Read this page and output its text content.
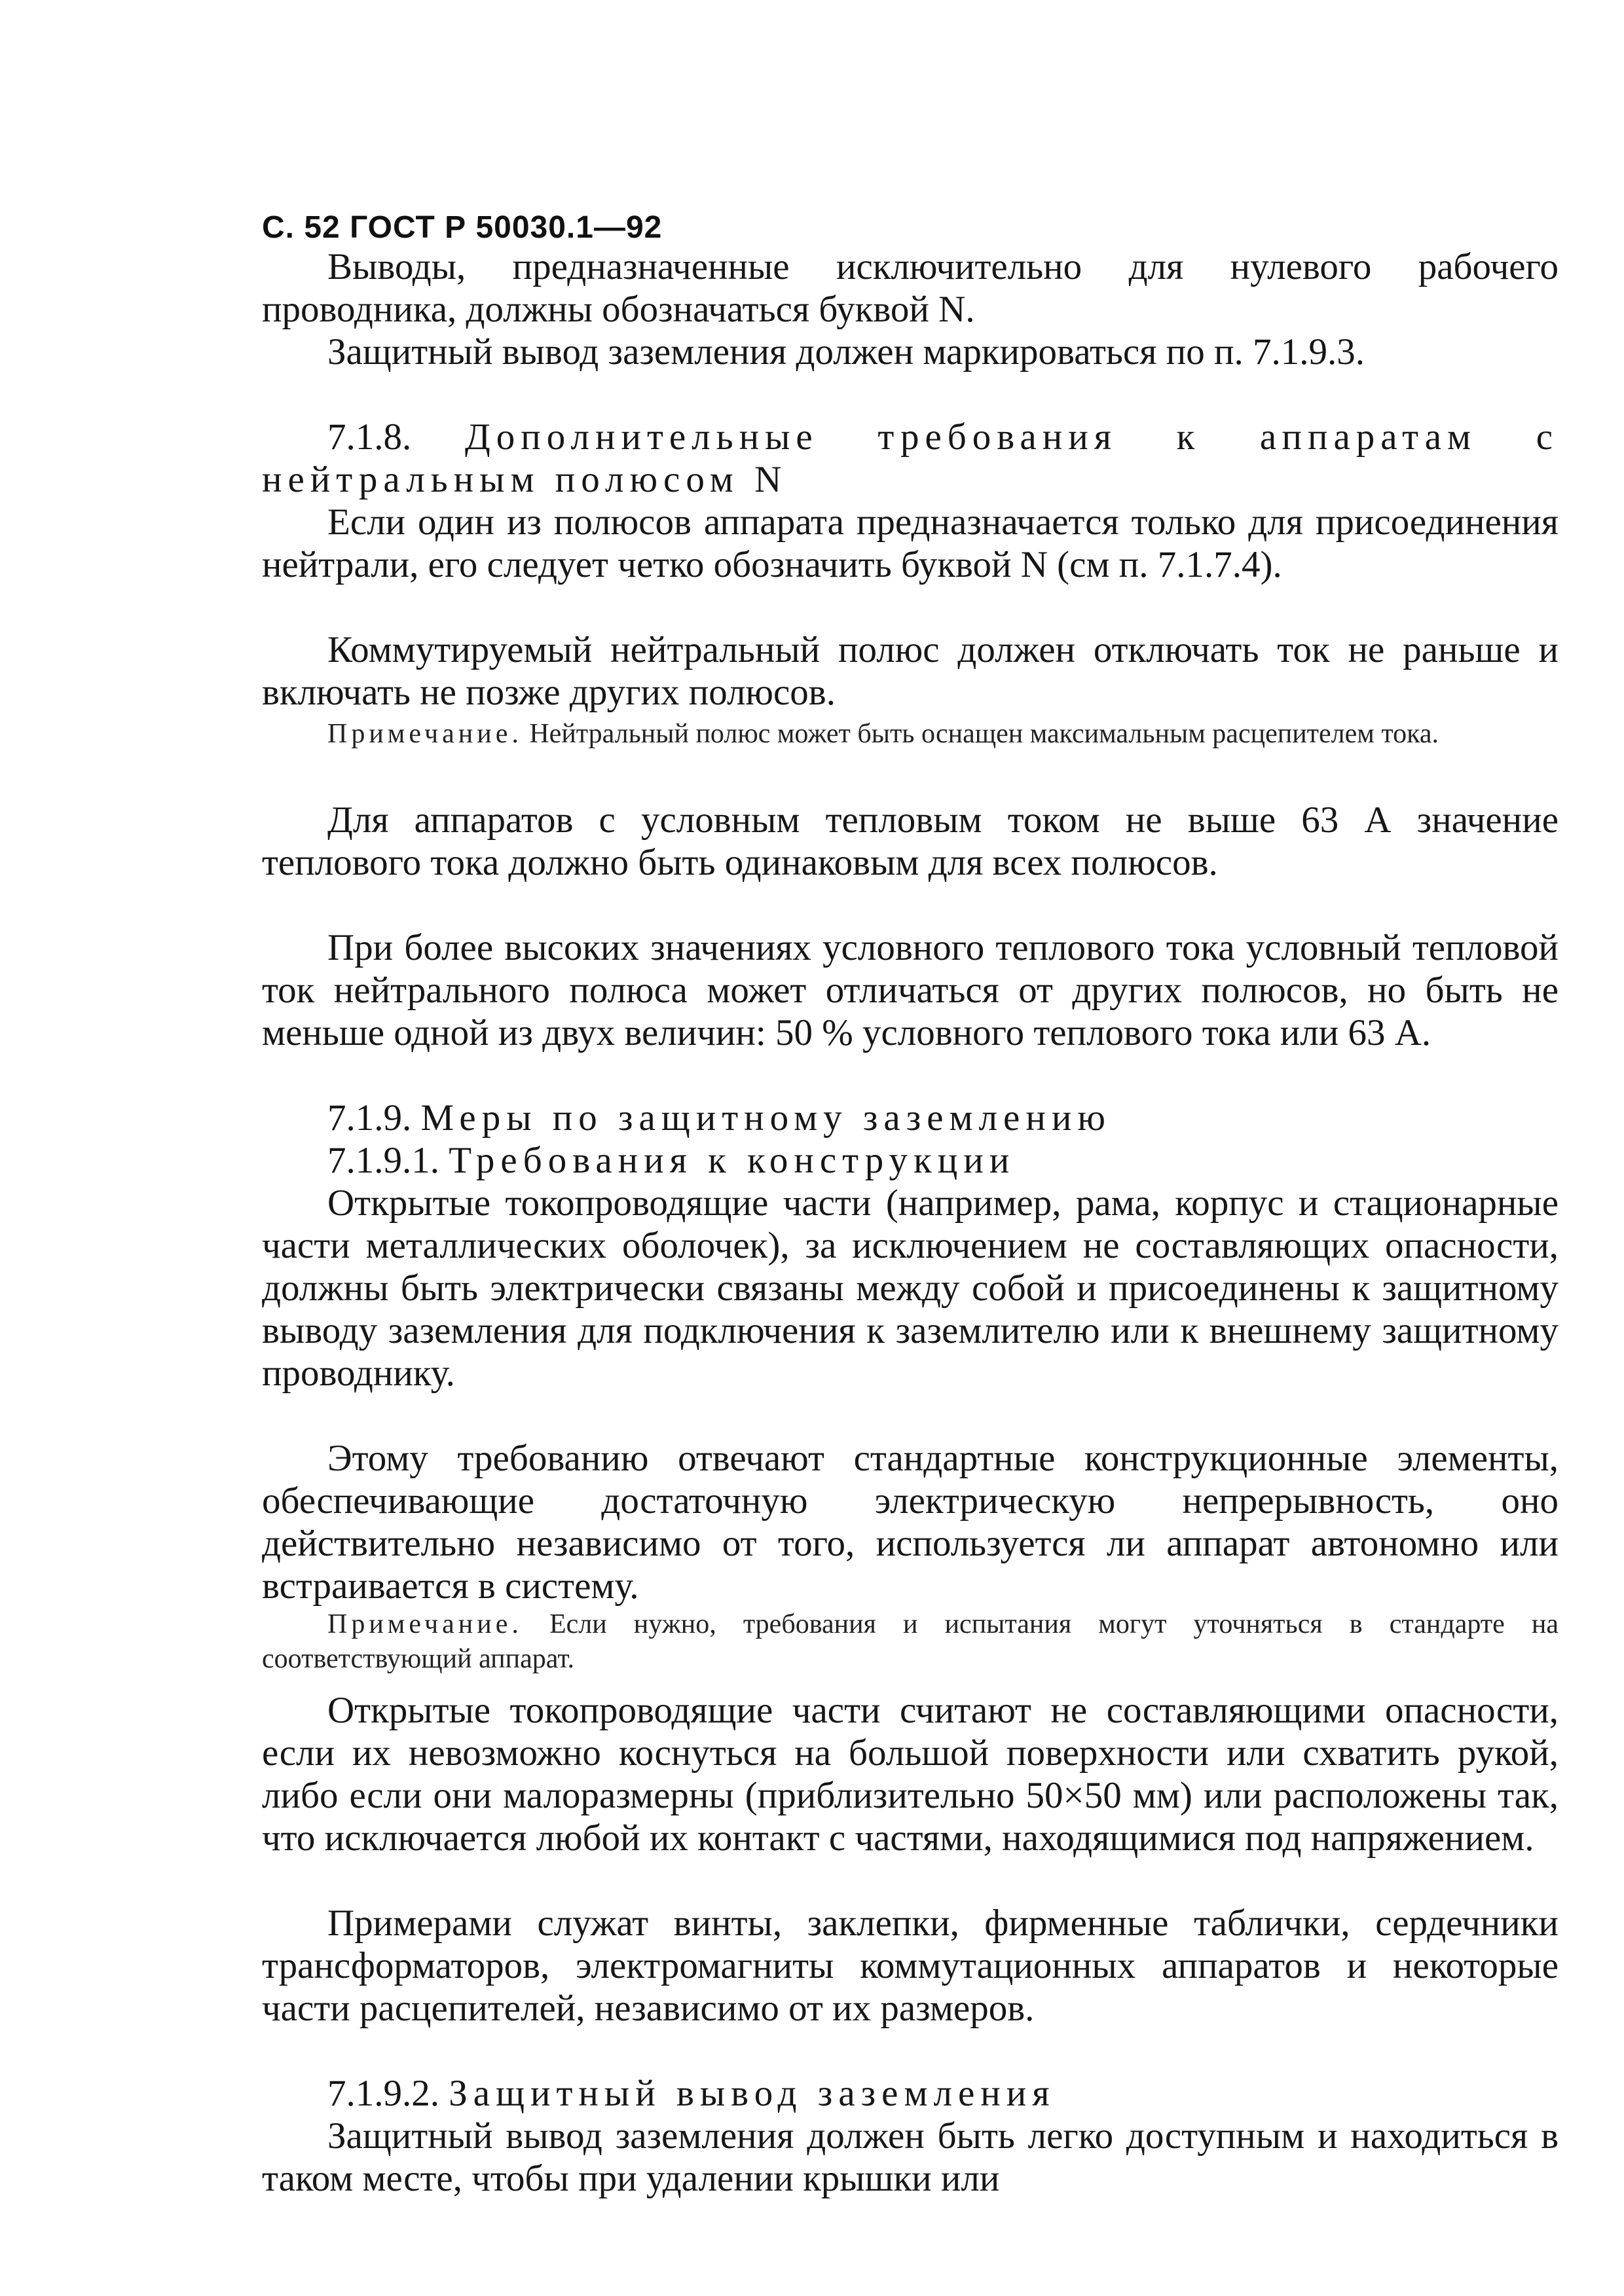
С. 52 ГОСТ Р 50030.1—92

Выводы, предназначенные исключительно для нулевого рабочего проводника, должны обозначаться буквой N.

Защитный вывод заземления должен маркироваться по п. 7.1.9.3.

7.1.8. Дополнительные требования к аппаратам с нейтральным полюсом N

Если один из полюсов аппарата предназначается только для присоединения нейтрали, его следует четко обозначить буквой N (см п. 7.1.7.4).

Коммутируемый нейтральный полюс должен отключать ток не раньше и включать не позже других полюсов.

Примечание. Нейтральный полюс может быть оснащен максимальным расцепителем тока.

Для аппаратов с условным тепловым током не выше 63 А значение теплового тока должно быть одинаковым для всех полюсов.

При более высоких значениях условного теплового тока условный тепловой ток нейтрального полюса может отличаться от других полюсов, но быть не меньше одной из двух величин: 50 % условного теплового тока или 63 А.

7.1.9. Меры по защитному заземлению

7.1.9.1. Требования к конструкции

Открытые токопроводящие части (например, рама, корпус и стационарные части металлических оболочек), за исключением не составляющих опасности, должны быть электрически связаны между собой и присоединены к защитному выводу заземления для подключения к заземлителю или к внешнему защитному проводнику.

Этому требованию отвечают стандартные конструкционные элементы, обеспечивающие достаточную электрическую непрерывность, оно действительно независимо от того, используется ли аппарат автономно или встраивается в систему.

Примечание. Если нужно, требования и испытания могут уточняться в стандарте на соответствующий аппарат.

Открытые токопроводящие части считают не составляющими опасности, если их невозможно коснуться на большой поверхности или схватить рукой, либо если они малоразмерны (приблизительно 50×50 мм) или расположены так, что исключается любой их контакт с частями, находящимися под напряжением.

Примерами служат винты, заклепки, фирменные таблички, сердечники трансформаторов, электромагниты коммутационных аппаратов и некоторые части расцепителей, независимо от их размеров.

7.1.9.2. Защитный вывод заземления

Защитный вывод заземления должен быть легко доступным и находиться в таком месте, чтобы при удалении крышки или
